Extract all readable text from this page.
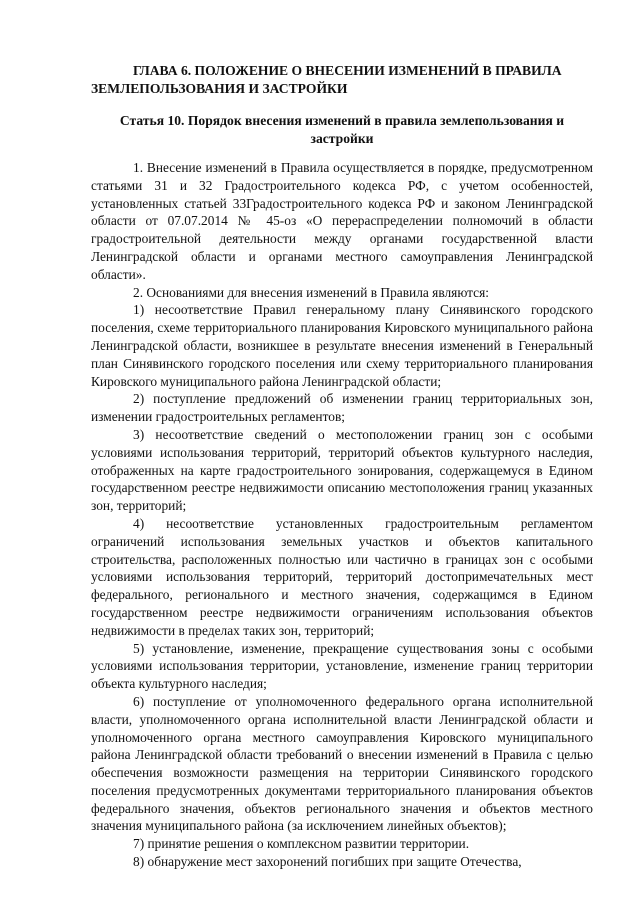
ГЛАВА 6. ПОЛОЖЕНИЕ О ВНЕСЕНИИ ИЗМЕНЕНИЙ В ПРАВИЛА ЗЕМЛЕПОЛЬЗОВАНИЯ И ЗАСТРОЙКИ
Статья 10. Порядок внесения изменений в правила землепользования и застройки

1. Внесение изменений в Правила осуществляется в порядке, предусмотренном статьями 31 и 32 Градостроительного кодекса РФ, с учетом особенностей, установленных статьей 33Градостроительного кодекса РФ и законом Ленинградской области от 07.07.2014 № 45-оз «О перераспределении полномочий в области градостроительной деятельности между органами государственной власти Ленинградской области и органами местного самоуправления Ленинградской области».

2. Основаниями для внесения изменений в Правила являются:

1) несоответствие Правил генеральному плану Синявинского городского поселения, схеме территориального планирования Кировского муниципального района Ленинградской области, возникшее в результате внесения изменений в Генеральный план Синявинского городского поселения или схему территориального планирования Кировского муниципального района Ленинградской области;

2) поступление предложений об изменении границ территориальных зон, изменении градостроительных регламентов;

3) несоответствие сведений о местоположении границ зон с особыми условиями использования территорий, территорий объектов культурного наследия, отображенных на карте градостроительного зонирования, содержащемуся в Едином государственном реестре недвижимости описанию местоположения границ указанных зон, территорий;

4) несоответствие установленных градостроительным регламентом ограничений использования земельных участков и объектов капитального строительства, расположенных полностью или частично в границах зон с особыми условиями использования территорий, территорий достопримечательных мест федерального, регионального и местного значения, содержащимся в Едином государственном реестре недвижимости ограничениям использования объектов недвижимости в пределах таких зон, территорий;

5) установление, изменение, прекращение существования зоны с особыми условиями использования территории, установление, изменение границ территории объекта культурного наследия;

6) поступление от уполномоченного федерального органа исполнительной власти, уполномоченного органа исполнительной власти Ленинградской области и уполномоченного органа местного самоуправления Кировского муниципального района Ленинградской области требований о внесении изменений в Правила с целью обеспечения возможности размещения на территории Синявинского городского поселения предусмотренных документами территориального планирования объектов федерального значения, объектов регионального значения и объектов местного значения муниципального района (за исключением линейных объектов);

7) принятие решения о комплексном развитии территории.

8) обнаружение мест захоронений погибших при защите Отечества,
